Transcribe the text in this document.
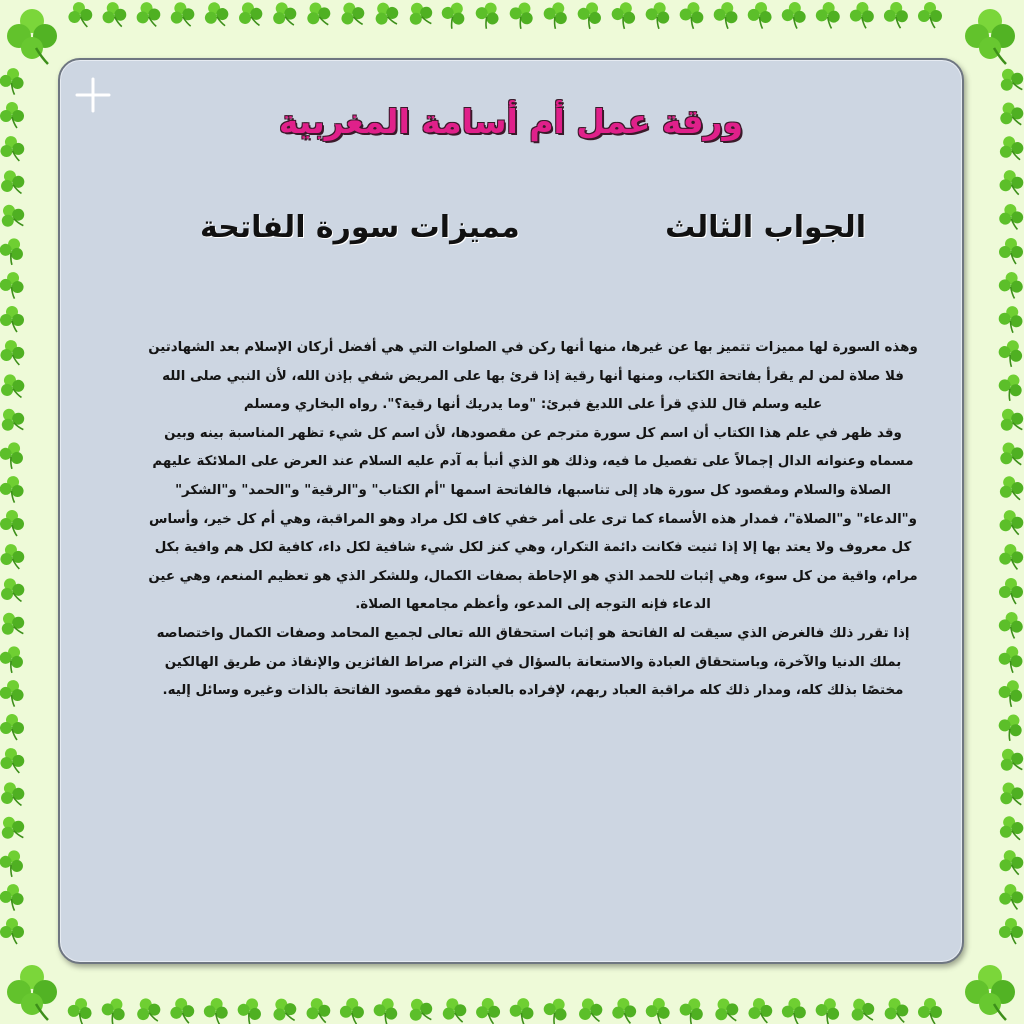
ورقة عمل أم أسامة المغربية
الجواب الثالث
مميزات سورة الفاتحة

وهذه السورة لها مميزات تتميز بها عن غيرها، منها أنها ركن في الصلوات التي هي أفضل أركان الإسلام بعد الشهادتين فلا صلاة لمن لم يقرأ بفاتحة الكتاب، ومنها أنها رقية إذا قرئ بها على المريض شفي بإذن الله، لأن النبي صلى الله عليه وسلم قال للذي قرأ على اللديغ فبرئ: "وما يدريك أنها رقية؟". رواه البخاري ومسلم

وقد ظهر في علم هذا الكتاب أن اسم كل سورة مترجم عن مقصودها، لأن اسم كل شيء تظهر المناسبة بينه وبين مسماه وعنوانه الدال إجمالاً على تفصيل ما فيه، وذلك هو الذي أنبأ به آدم عليه السلام عند العرض على الملائكة عليهم الصلاة والسلام ومقصود كل سورة هاد إلى تناسبها، فالفاتحة اسمها "أم الكتاب" و"الرقية" و"الحمد" و"الشكر" و"الدعاء" و"الصلاة"، فمدار هذه الأسماء كما ترى على أمر خفي كاف لكل مراد وهو المراقبة، وهي أم كل خير، وأساس كل معروف ولا يعتد بها إلا إذا ثنيت فكانت دائمة التكرار، وهي كنز لكل شيء شافية لكل داء، كافية لكل هم وافية بكل مرام، واقية من كل سوء، وهي إثبات للحمد الذي هو الإحاطة بصفات الكمال، وللشكر الذي هو تعظيم المنعم، وهي عين الدعاء فإنه التوجه إلى المدعو، وأعظم مجامعها الصلاة.

إذا تقرر ذلك فالغرض الذي سيقت له الفاتحة هو إثبات استحقاق الله تعالى لجميع المحامد وصفات الكمال واختصاصه بملك الدنيا والآخرة، وباستحقاق العبادة والاستعانة بالسؤال في التزام صراط الفائزين والإنقاذ من طريق الهالكين مختصًا بذلك كله، ومدار ذلك كله مراقبة العباد ربهم، لإفراده بالعبادة فهو مقصود الفاتحة بالذات وغيره وسائل إليه.
